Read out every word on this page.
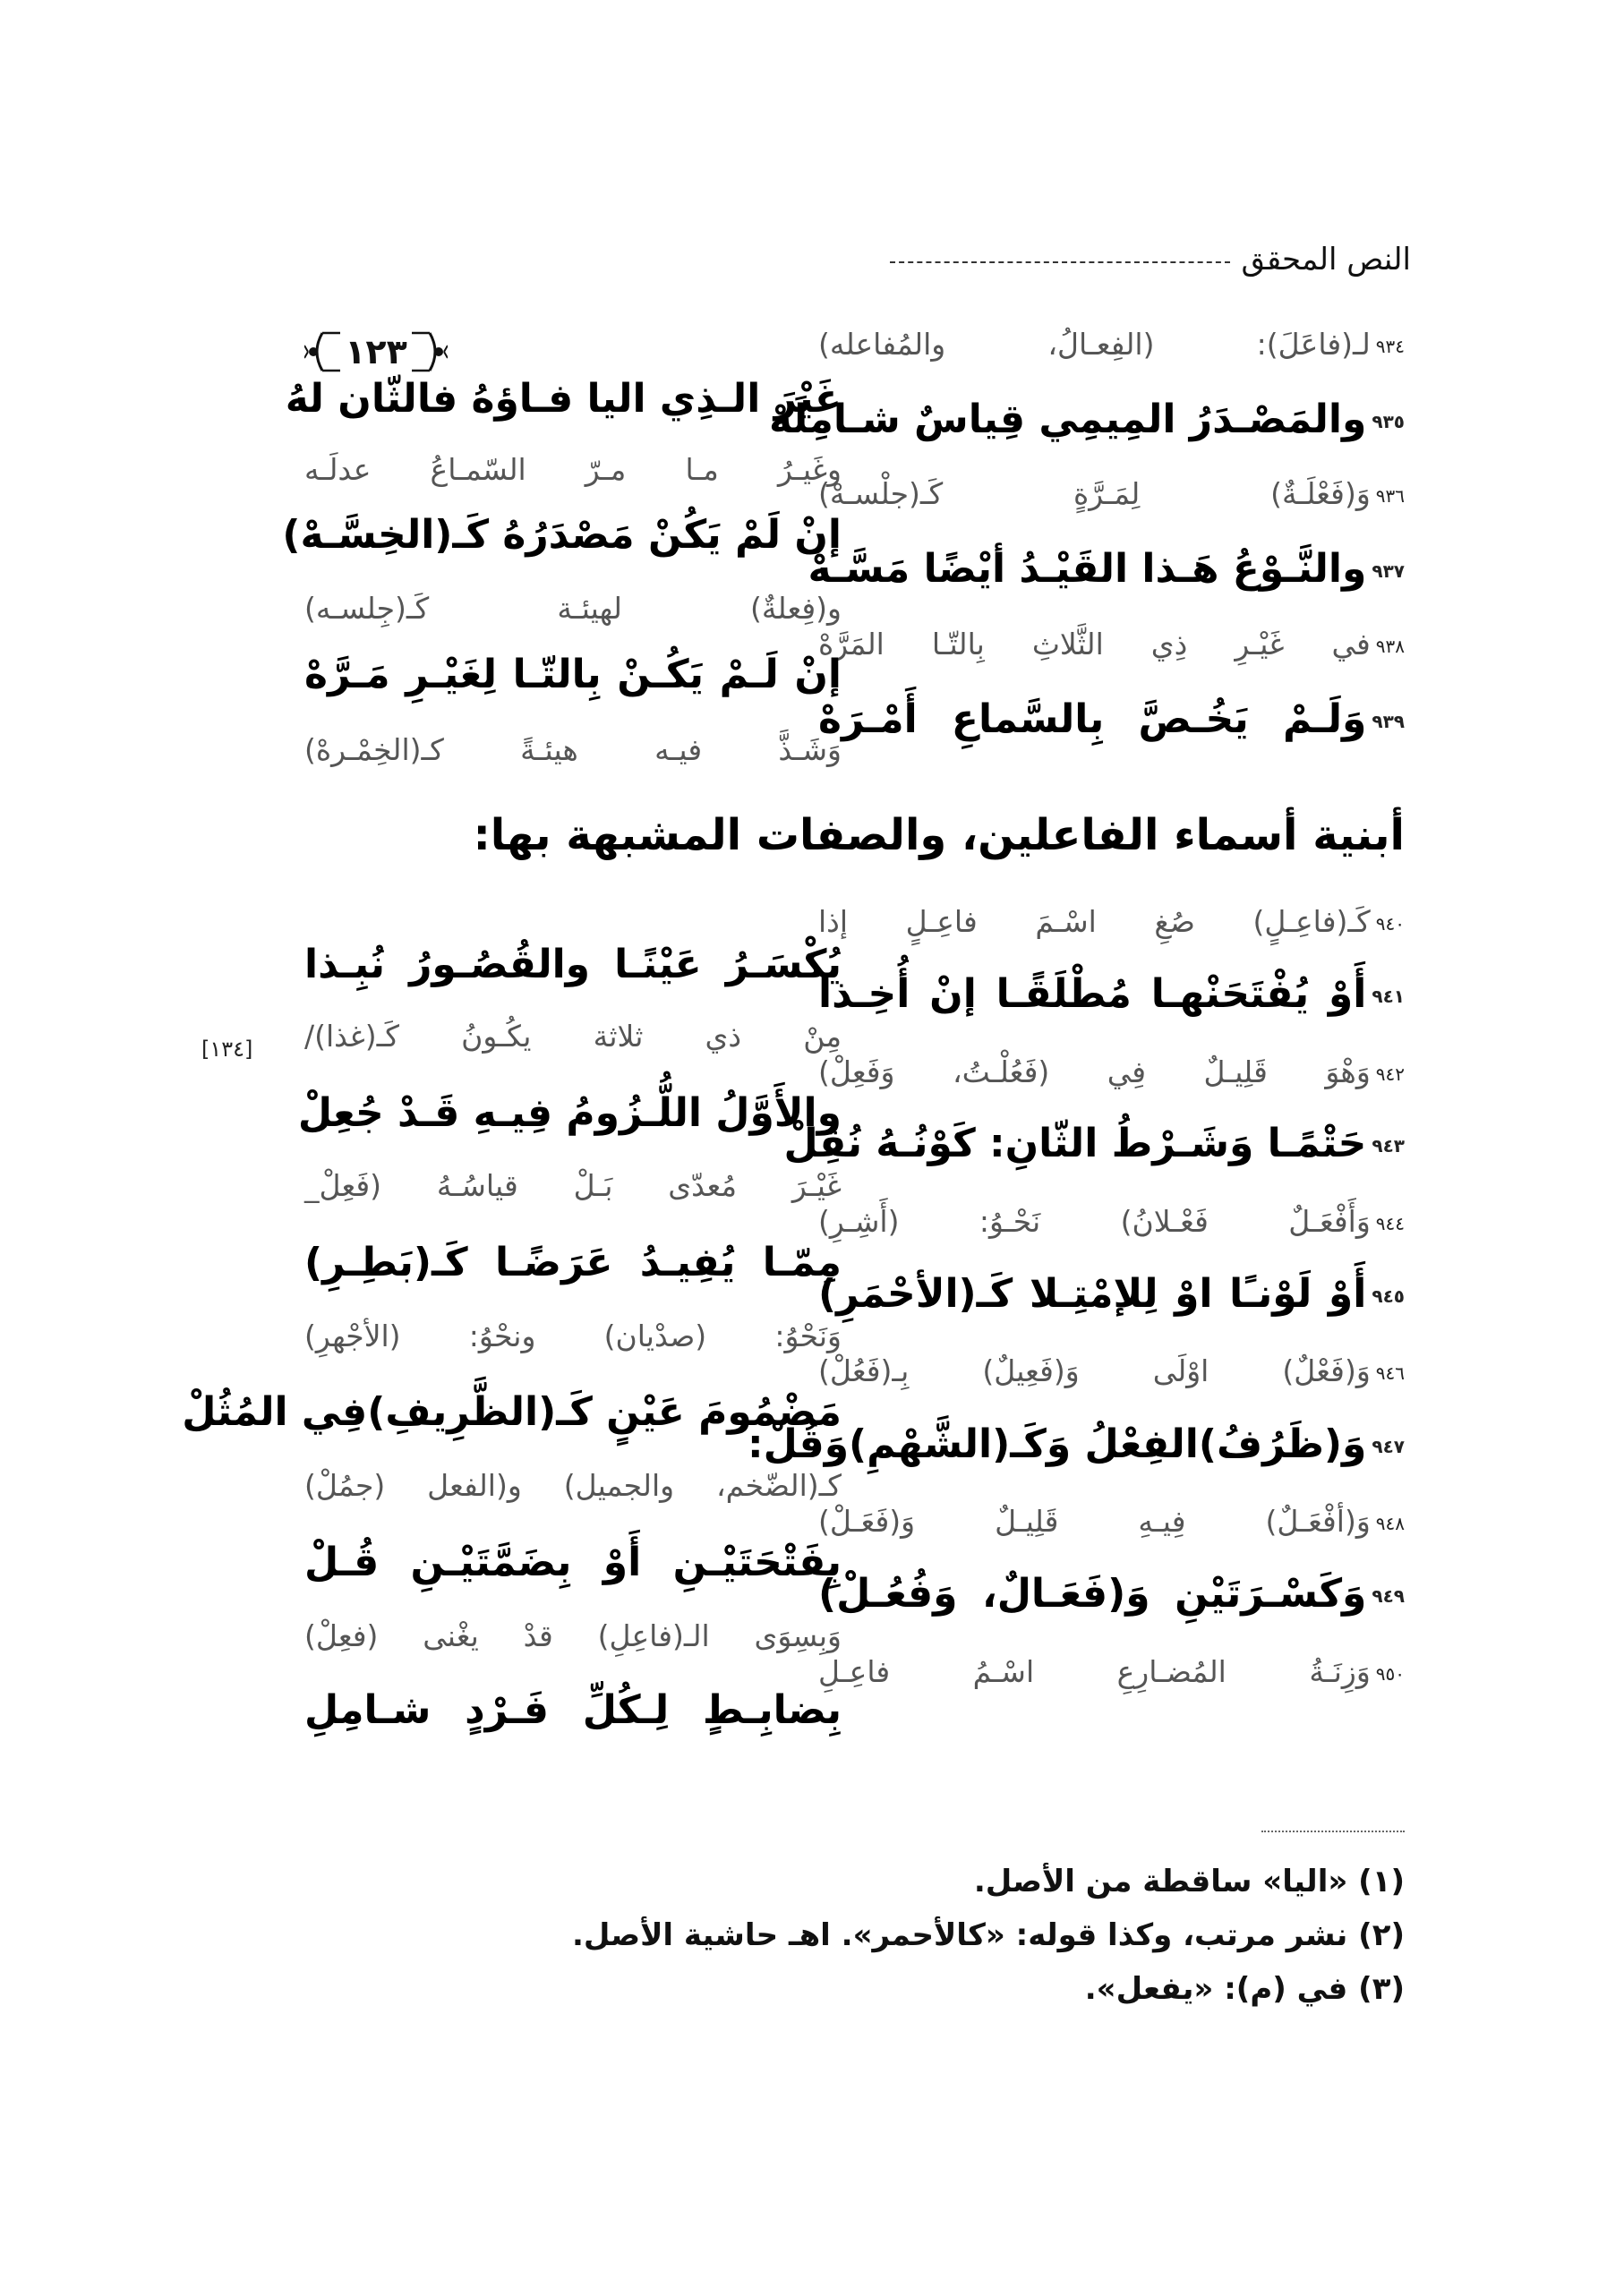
النص المحقق
١٢٣	٩٣٤لـ(فاعَلَ): (الفِعـالُ، والمُفاعله)
٩٣٥والمَصْـدَرُ المِيمِي قِياسٌ شـامِلَهْ
٩٣٦وَ(فَعْلَـةٌ) لِمَـرَّةٍ كَـ(جلْسـهْ)
٩٣٧والنَّـوْعُ هَـذا القَيْـدُ أيْضًا مَسَّـهْ
٩٣٨في غَيْـرِ ذِي الثَّلاثِ بِالتّـا المَرَّهْ
٩٣٩وَلَـمْ يَخُـصَّ بِالسَّماعِ أَمْـرَهْ
غَيْرَ الـذِي اليا فـاؤهُ فالثّان لهُ
وغَيـرُ مـا مـرّ السّمـاعُ عدلَـه
إنْ لَمْ يَكُنْ مَصْدَرُهُ كَـ(الخِسَّـهْ)
و(فِعلةٌ) لهيئـة كَـ(جِلسـه)
إنْ لَـمْ يَكُـنْ بِالتّـا لِغَيْـرِ مَـرَّهْ
وَشَـذَّ فيـه هيئـةً كـ(الخِمْـرهْ)
أبنية أسماء الفاعلين، والصفات المشبهة بها:
[١٣٤]
٩٤٠كَـ(فاعِـلٍ) صُغِ اسْـمَ فاعِـلٍ إذا
٩٤١أَوْ يُفْتَحَنْهـا مُطْلَقًـا إنْ أُخِـذا
٩٤٢وَهْوَ قَلِيـلٌ فِي (فَعُلْـتُ، وَفَعِلْ)
٩٤٣حَتْمًـا وَشَـرْطُ الثّانِ: كَوْنُـهُ نُقِلْ
٩٤٤وَأَفْعَـلٌ فَعْـلانُ) نَحْـوُ: (أَشِـرِ)
٩٤٥أَوْ لَوْنـًا اوْ لِلإمْتِـلا كَـ(الأحْمَرِ)
٩٤٦وَ(فَعْلٌ) اوْلَى وَ(فَعِيلٌ) بِـ(فَعُلْ)
٩٤٧وَ(ظَرُفُ)الفِعْلُ وَكَـ(الشَّهْمِ)وَقُلْ:
٩٤٨وَ(أفْعَـلٌ) فِيـهِ قَلِيـلٌ وَ(فَعَـلْ)
٩٤٩وَكَسْـرَتَيْنِ وَ(فَعَـالٌ، وَفُعُـلْ)
٩٥٠وَزِنَـةُ المُضـارِعِ اسْـمُ فاعِـلِ
يُكْسَـرُ عَيْنًـا والقُصُـورُ نُبِـذا
مِنْ ذي ثلاثة يكُـونُ كَـ(غذا)/
والأَوَّلُ اللُّـزُومُ فِيـهِ قَـدْ جُعِلْ
غَيْـرَ مُعدّى بَـلْ قياسُـهُ (فَعِلْ_
مِمّـا يُفِيـدُ عَرَضًـا كَـ(بَطِـرِ)
وَنَحْوُ: (صدْيان) ونحْوُ: (الأجْهرِ)
مَضْمُومَ عَيْنٍ كَـ(الظَّرِيفِ)فِي المُثُلْ
كـ(الضّخم، والجميل) و(الفعل (جمُلْ)
بِفَتْحَتَيْـنِ أَوْ بِضَمَّتَيْـنِ قُـلْ
وَبِسِوَى الـ(فاعِلِ) قدْ يغْنى (فعِلْ)
بِضابِـطٍ لِـكُلِّ فَـرْدٍ شـامِلِ
(١) «اليا» ساقطة من الأصل.
(٢) نشر مرتب، وكذا قوله: «كالأحمر». اهـ حاشية الأصل.
(٣) في (م): «يفعل».
